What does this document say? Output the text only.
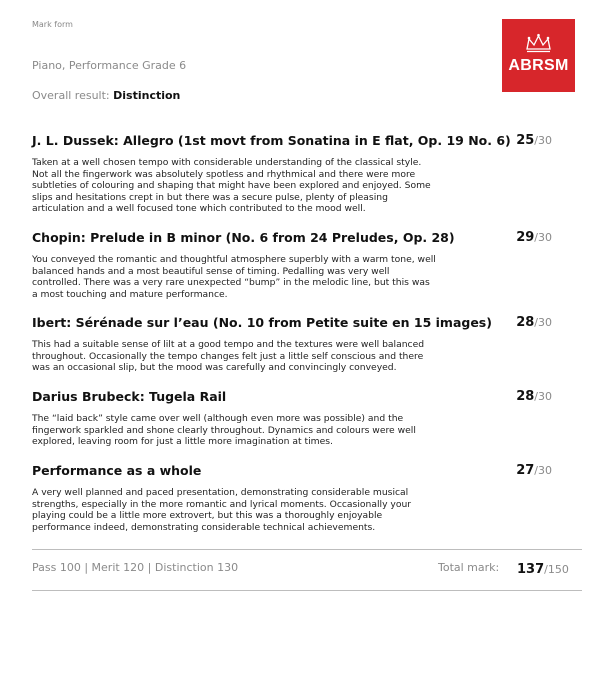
Mark form
ABRSM
Piano, Performance Grade 6
Overall result: Distinction
J. L. Dussek: Allegro (1st movt from Sonatina in E flat, Op. 19 No. 6) 25/30
Taken at a well chosen tempo with considerable understanding of the classical style. Not all the fingerwork was absolutely spotless and rhythmical and there were more subtleties of colouring and shaping that might have been explored and enjoyed. Some slips and hesitations crept in but there was a secure pulse, plenty of pleasing articulation and a well focused tone which contributed to the mood well.
Chopin: Prelude in B minor (No. 6 from 24 Preludes, Op. 28)	29/30
You conveyed the romantic and thoughtful atmosphere superbly with a warm tone, well balanced hands and a most beautiful sense of timing. Pedalling was very well controlled. There was a very rare unexpected “bump” in the melodic line, but this was a most touching and mature performance.
Ibert: Sérénade sur l’eau (No. 10 from Petite suite en 15 images)	28/30
This had a suitable sense of lilt at a good tempo and the textures were well balanced throughout. Occasionally the tempo changes felt just a little self conscious and there was an occasional slip, but the mood was carefully and convincingly conveyed.
Darius Brubeck: Tugela Rail	28/30
The “laid back” style came over well (although even more was possible) and the fingerwork sparkled and shone clearly throughout. Dynamics and colours were well explored, leaving room for just a little more imagination at times.
Performance as a whole	27/30
A very well planned and paced presentation, demonstrating considerable musical strengths, especially in the more romantic and lyrical moments. Occasionally your playing could be a little more extrovert, but this was a thoroughly enjoyable performance indeed, demonstrating considerable technical achievements.
Pass 100 | Merit 120 | Distinction 130	Total mark: 137/150
